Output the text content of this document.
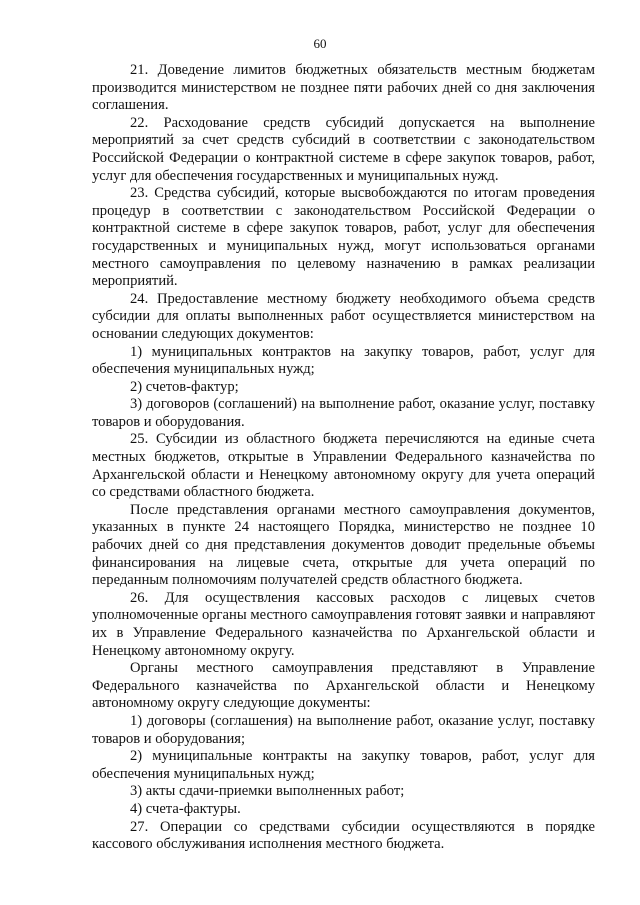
60

21. Доведение лимитов бюджетных обязательств местным бюджетам производится министерством не позднее пяти рабочих дней со дня заключения соглашения.

22. Расходование средств субсидий допускается на выполнение мероприятий за счет средств субсидий в соответствии с законодательством Российской Федерации о контрактной системе в сфере закупок товаров, работ, услуг для обеспечения государственных и муниципальных нужд.

23. Средства субсидий, которые высвобождаются по итогам проведения процедур в соответствии с законодательством Российской Федерации о контрактной системе в сфере закупок товаров, работ, услуг для обеспечения государственных и муниципальных нужд, могут использоваться органами местного самоуправления по целевому назначению в рамках реализации мероприятий.

24. Предоставление местному бюджету необходимого объема средств субсидии для оплаты выполненных работ осуществляется министерством на основании следующих документов:

1) муниципальных контрактов на закупку товаров, работ, услуг для обеспечения муниципальных нужд;

2) счетов-фактур;

3) договоров (соглашений) на выполнение работ, оказание услуг, поставку товаров и оборудования.

25. Субсидии из областного бюджета перечисляются на единые счета местных бюджетов, открытые в Управлении Федерального казначейства по Архангельской области и Ненецкому автономному округу для учета операций со средствами областного бюджета.

После представления органами местного самоуправления документов, указанных в пункте 24 настоящего Порядка, министерство не позднее 10 рабочих дней со дня представления документов доводит предельные объемы финансирования на лицевые счета, открытые для учета операций по переданным полномочиям получателей средств областного бюджета.

26. Для осуществления кассовых расходов с лицевых счетов уполномоченные органы местного самоуправления готовят заявки и направляют их в Управление Федерального казначейства по Архангельской области и Ненецкому автономному округу.

Органы местного самоуправления представляют в Управление Федерального казначейства по Архангельской области и Ненецкому автономному округу следующие документы:

1) договоры (соглашения) на выполнение работ, оказание услуг, поставку товаров и оборудования;

2) муниципальные контракты на закупку товаров, работ, услуг для обеспечения муниципальных нужд;

3) акты сдачи-приемки выполненных работ;

4) счета-фактуры.

27. Операции со средствами субсидии осуществляются в порядке кассового обслуживания исполнения местного бюджета.
